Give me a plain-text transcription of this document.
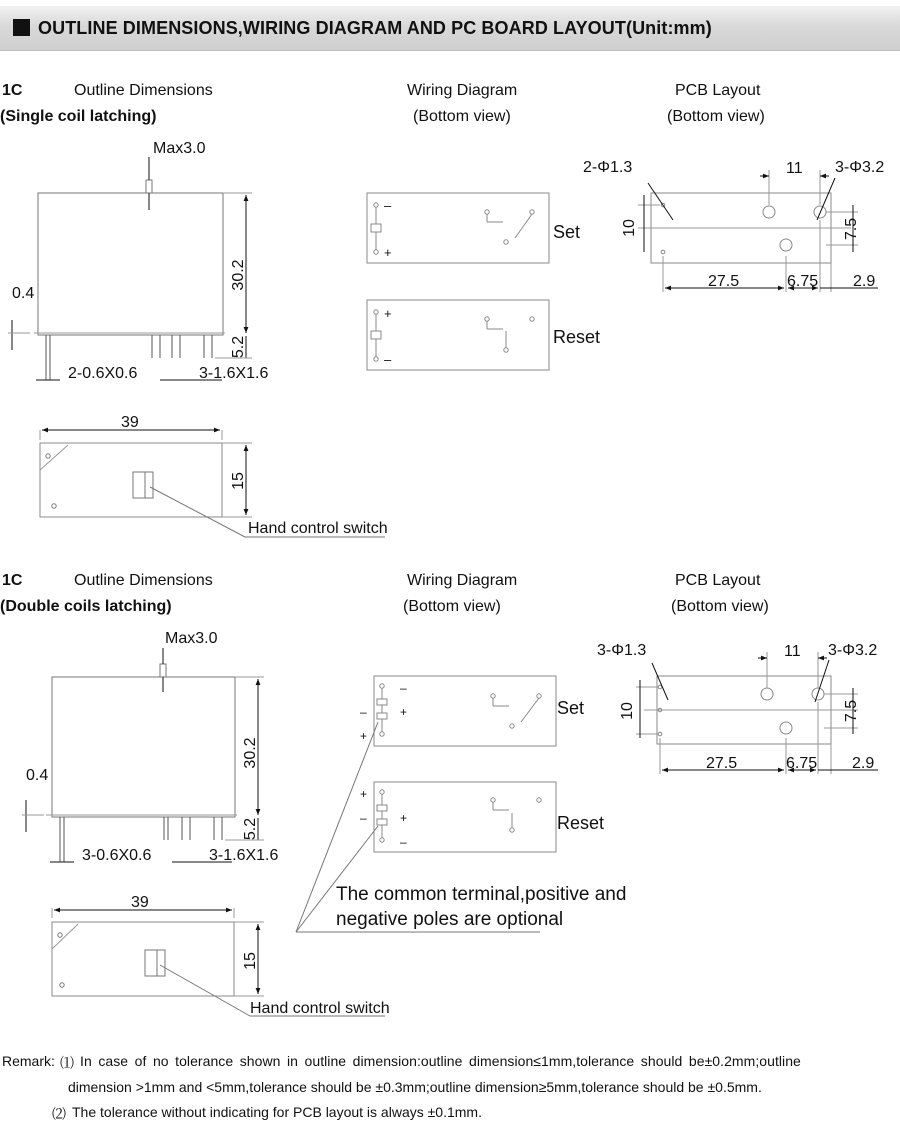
OUTLINE DIMENSIONS,WIRING DIAGRAM AND PC BOARD LAYOUT(Unit:mm)
1C	Outline Dimensions
(Single coil latching)
Wiring Diagram
(Bottom view)
PCB Layout
(Bottom view)
1C	Outline Dimensions
(Double coils latching)
Wiring Diagram
(Bottom view)
PCB Layout
(Bottom view)
Max3.0
30.2
0.4
5.2
2-0.6X0.6	3-1.6X1.6
39
15
Hand control switch
–
+
Set
+
–
Reset
2-Φ1.3	3-Φ3.2
11
10	7.5
27.5	6.75 2.9
Max3.0
30.2
0.4
5.2
3-0.6X0.6	3-1.6X1.6
39
15
Hand control switch
–
+
–
+
Set
+
–	+
–
Reset
The common terminal,positive and
negative poles are optional
3-Φ1.3	3-Φ3.2
11
10	7.5
27.5	6.75 2.9
Remark: ⑴ In case of no tolerance shown in outline dimension:outline dimension≤1mm,tolerance should be±0.2mm;outline
dimension >1mm and <5mm,tolerance should be ±0.3mm;outline dimension≥5mm,tolerance should be ±0.5mm.
⑵ The tolerance without indicating for PCB layout is always ±0.1mm.
